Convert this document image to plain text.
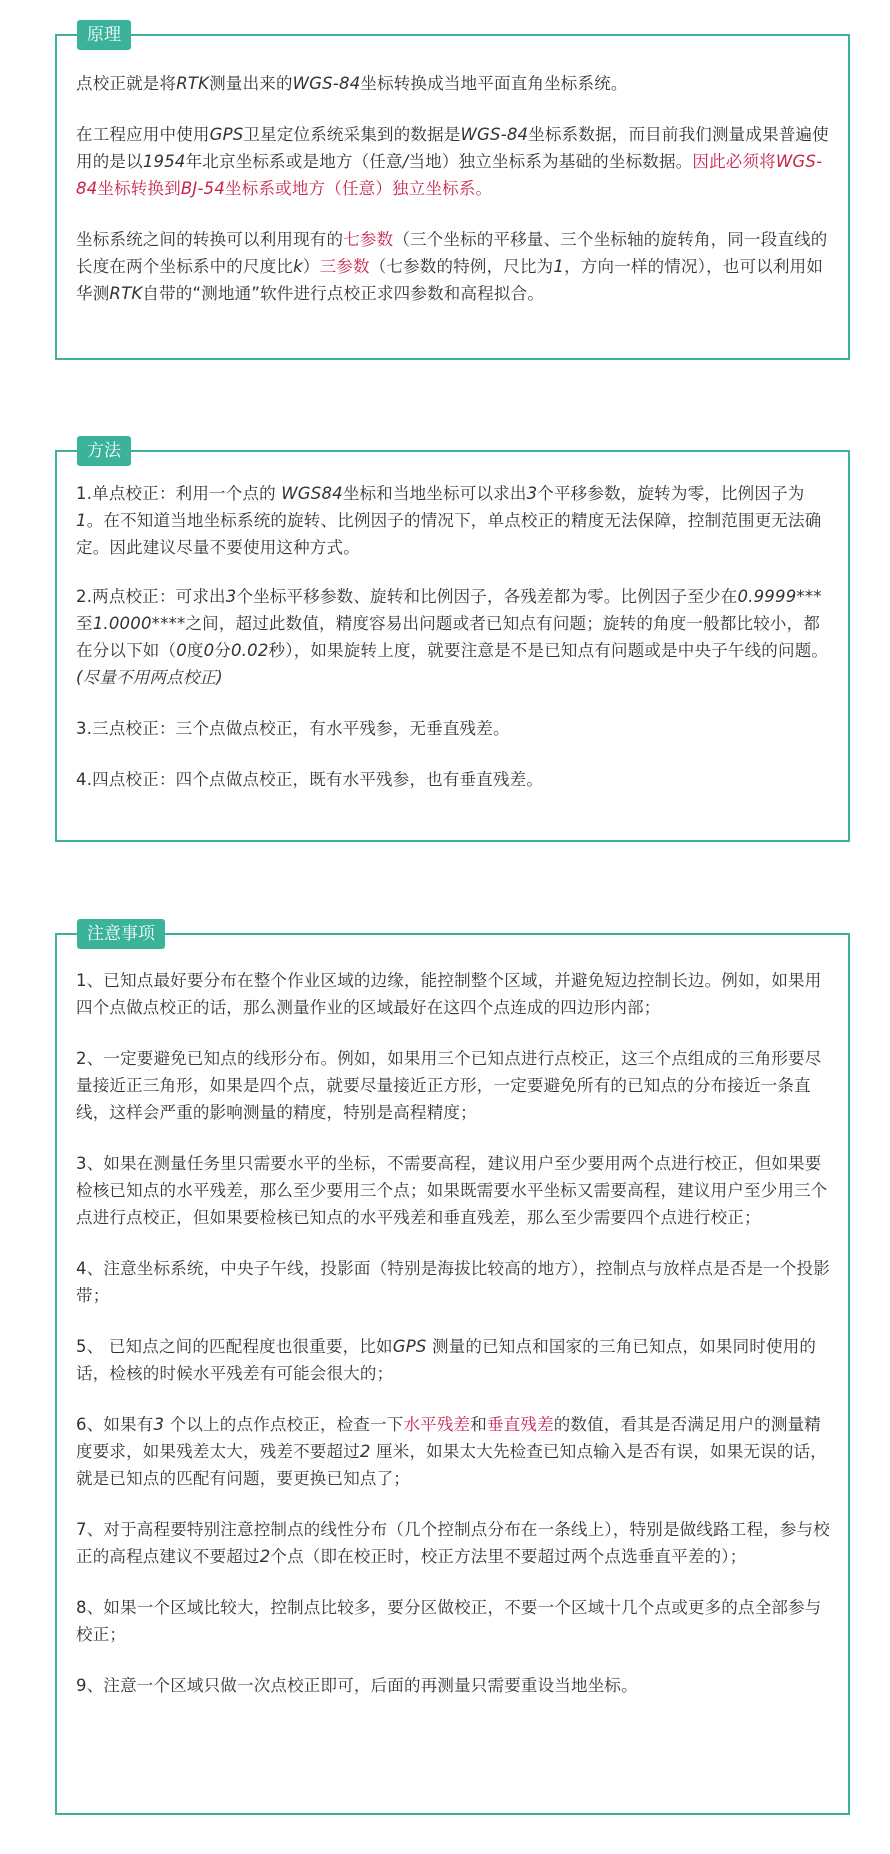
原理

点校正就是将RTK测量出来的WGS-84坐标转换成当地平面直角坐标系统。

在工程应用中使用GPS卫星定位系统采集到的数据是WGS-84坐标系数据，而目前我们测量成果普遍使用的是以1954年北京坐标系或是地方（任意/当地）独立坐标系为基础的坐标数据。因此必须将WGS-84坐标转换到BJ-54坐标系或地方（任意）独立坐标系。

坐标系统之间的转换可以利用现有的七参数（三个坐标的平移量、三个坐标轴的旋转角，同一段直线的长度在两个坐标系中的尺度比k）三参数（七参数的特例，尺比为1，方向一样的情况），也可以利用如华测RTK自带的“测地通”软件进行点校正求四参数和高程拟合。

方法

1.单点校正：利用一个点的 WGS84坐标和当地坐标可以求出3个平移参数，旋转为零，比例因子为1。在不知道当地坐标系统的旋转、比例因子的情况下，单点校正的精度无法保障，控制范围更无法确定。因此建议尽量不要使用这种方式。

2.两点校正：可求出3个坐标平移参数、旋转和比例因子，各残差都为零。比例因子至少在0.9999***至1.0000****之间，超过此数值，精度容易出问题或者已知点有问题；旋转的角度一般都比较小，都在分以下如（0度0分0.02秒），如果旋转上度，就要注意是不是已知点有问题或是中央子午线的问题。(尽量不用两点校正)

3.三点校正：三个点做点校正，有水平残参，无垂直残差。

4.四点校正：四个点做点校正，既有水平残参，也有垂直残差。

注意事项

1、已知点最好要分布在整个作业区域的边缘，能控制整个区域，并避免短边控制长边。例如，如果用四个点做点校正的话，那么测量作业的区域最好在这四个点连成的四边形内部；

2、一定要避免已知点的线形分布。例如，如果用三个已知点进行点校正，这三个点组成的三角形要尽量接近正三角形，如果是四个点，就要尽量接近正方形，一定要避免所有的已知点的分布接近一条直线，这样会严重的影响测量的精度，特别是高程精度；

3、如果在测量任务里只需要水平的坐标，不需要高程，建议用户至少要用两个点进行校正，但如果要检核已知点的水平残差，那么至少要用三个点；如果既需要水平坐标又需要高程，建议用户至少用三个点进行点校正，但如果要检核已知点的水平残差和垂直残差，那么至少需要四个点进行校正；

4、注意坐标系统，中央子午线，投影面（特别是海拔比较高的地方），控制点与放样点是否是一个投影带；

5、 已知点之间的匹配程度也很重要，比如GPS 测量的已知点和国家的三角已知点，如果同时使用的话，检核的时候水平残差有可能会很大的；

6、如果有3 个以上的点作点校正，检查一下水平残差和垂直残差的数值，看其是否满足用户的测量精度要求，如果残差太大，残差不要超过2 厘米，如果太大先检查已知点输入是否有误，如果无误的话，就是已知点的匹配有问题，要更换已知点了；

7、对于高程要特别注意控制点的线性分布（几个控制点分布在一条线上），特别是做线路工程，参与校正的高程点建议不要超过2个点（即在校正时，校正方法里不要超过两个点选垂直平差的）；

8、如果一个区域比较大，控制点比较多，要分区做校正，不要一个区域十几个点或更多的点全部参与校正；

9、注意一个区域只做一次点校正即可，后面的再测量只需要重设当地坐标。
